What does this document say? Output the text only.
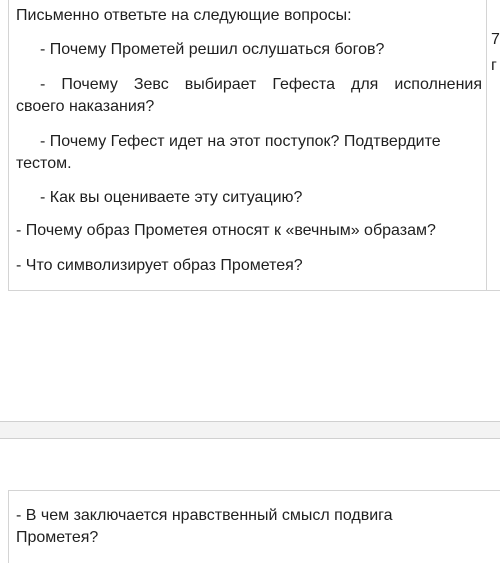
7
г
Письменно ответьте на следующие вопросы:
- Почему Прометей решил ослушаться богов?
- Почему Зевс выбирает Гефеста для исполнения
своего наказания?
- Почему Гефест идет на этот поступок? Подтвердите
тестом.
- Как вы оцениваете эту ситуацию?
- Почему образ Прометея относят к «вечным» образам?
- Что символизирует образ Прометея?
- В чем заключается нравственный смысл подвига
Прометея?
